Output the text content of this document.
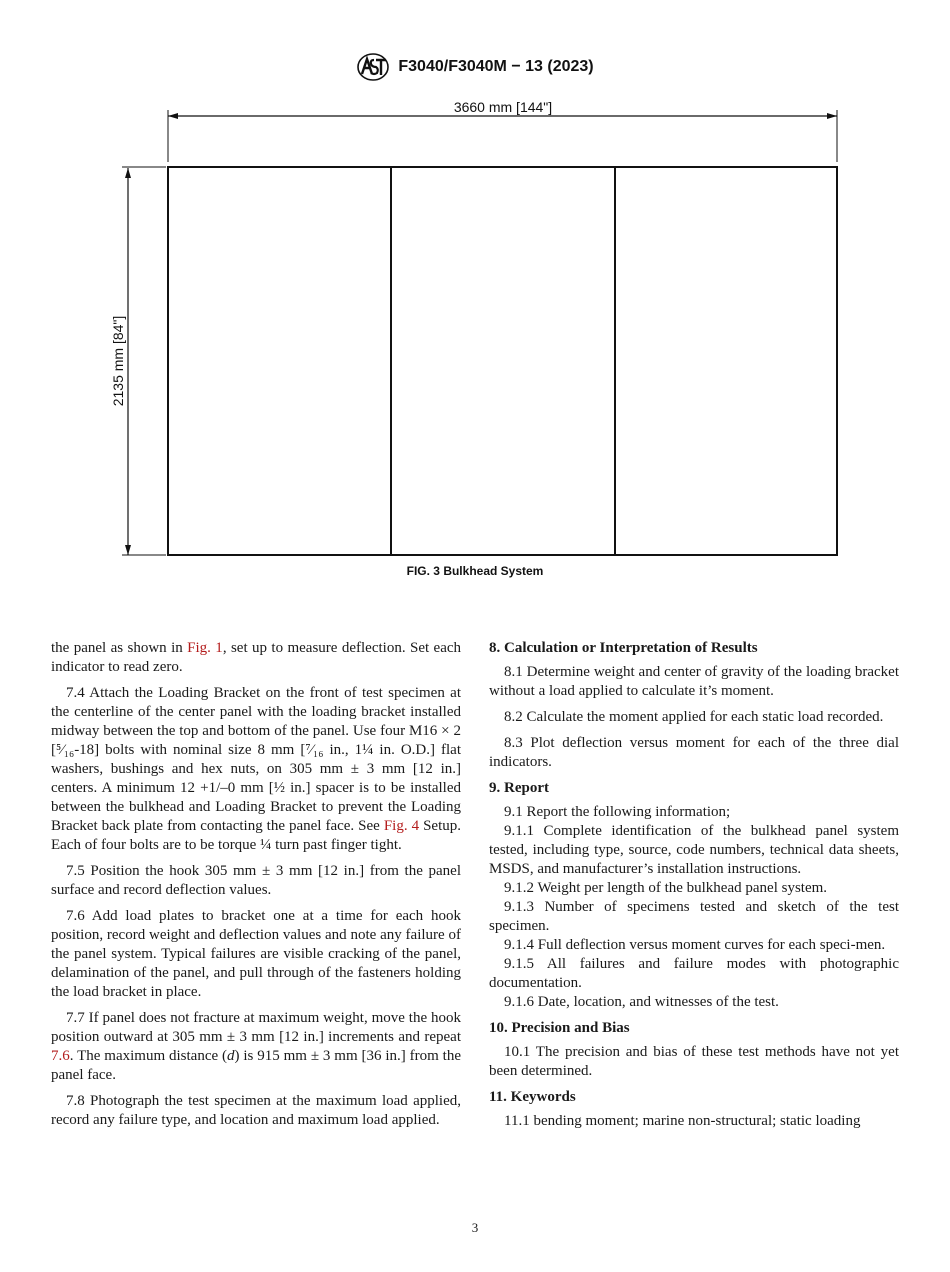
F3040/F3040M − 13 (2023)
3660 mm [144"]
2135 mm [84"]
FIG. 3 Bulkhead System

the panel as shown in Fig. 1, set up to measure deflection. Set each indicator to read zero.

7.4 Attach the Loading Bracket on the front of test specimen at the centerline of the center panel with the loading bracket installed midway between the top and bottom of the panel. Use four M16 × 2 [⁵⁄₁₆-18] bolts with nominal size 8 mm [⁷⁄₁₆ in., 1¼ in. O.D.] flat washers, bushings and hex nuts, on 305 mm ± 3 mm [12 in.] centers. A minimum 12 +1/–0 mm [½ in.] spacer is to be installed between the bulkhead and Loading Bracket to prevent the Loading Bracket back plate from contacting the panel face. See Fig. 4 Setup. Each of four bolts are to be torque ¼ turn past finger tight.

7.5 Position the hook 305 mm ± 3 mm [12 in.] from the panel surface and record deflection values.

7.6 Add load plates to bracket one at a time for each hook position, record weight and deflection values and note any failure of the panel system. Typical failures are visible cracking of the panel, delamination of the panel, and pull through of the fasteners holding the load bracket in place.

7.7 If panel does not fracture at maximum weight, move the hook position outward at 305 mm ± 3 mm [12 in.] increments and repeat 7.6. The maximum distance (d) is 915 mm ± 3 mm [36 in.] from the panel face.

7.8 Photograph the test specimen at the maximum load applied, record any failure type, and location and maximum load applied.

8. Calculation or Interpretation of Results

8.1 Determine weight and center of gravity of the loading bracket without a load applied to calculate it’s moment.

8.2 Calculate the moment applied for each static load recorded.

8.3 Plot deflection versus moment for each of the three dial indicators.

9. Report

9.1 Report the following information;

9.1.1 Complete identification of the bulkhead panel system tested, including type, source, code numbers, technical data sheets, MSDS, and manufacturer’s installation instructions.

9.1.2 Weight per length of the bulkhead panel system.

9.1.3 Number of specimens tested and sketch of the test specimen.

9.1.4 Full deflection versus moment curves for each speci-men.

9.1.5 All failures and failure modes with photographic documentation.

9.1.6 Date, location, and witnesses of the test.

10. Precision and Bias

10.1 The precision and bias of these test methods have not yet been determined.

11. Keywords

11.1 bending moment; marine non-structural; static loading

3
